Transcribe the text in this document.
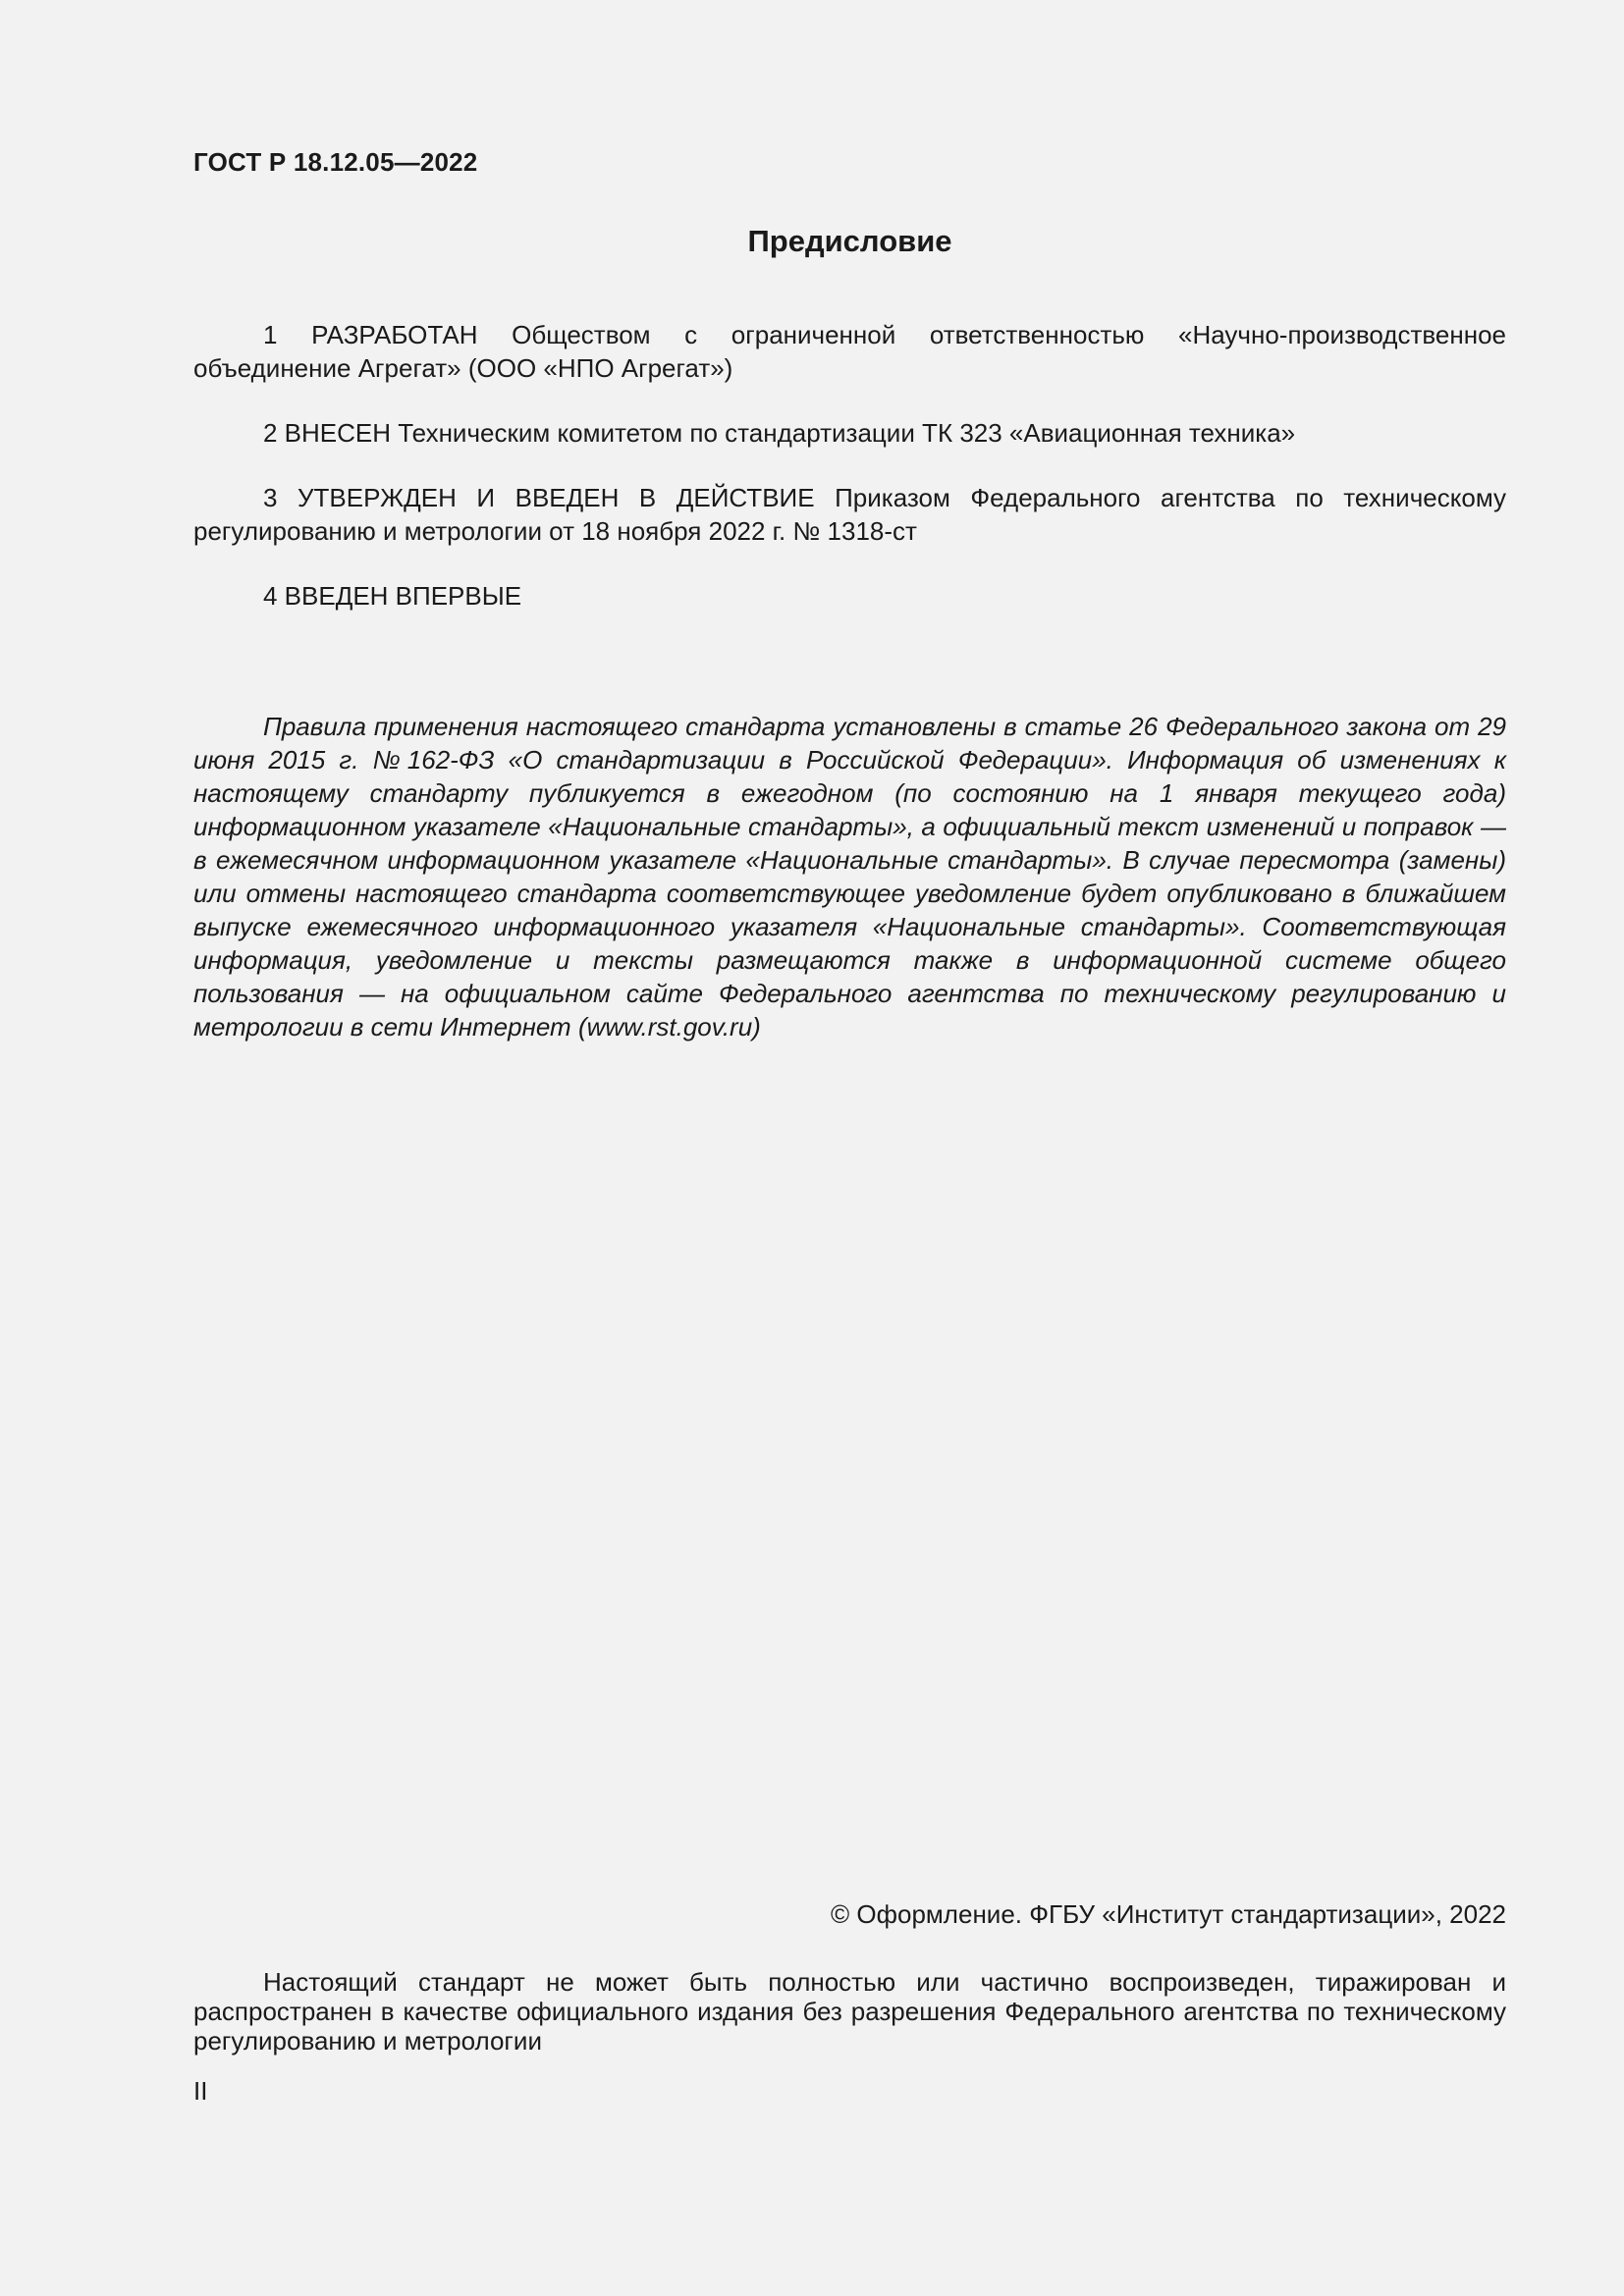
ГОСТ Р 18.12.05—2022
Предисловие

1 РАЗРАБОТАН Обществом с ограниченной ответственностью «Научно-производственное объединение Агрегат» (ООО «НПО Агрегат»)

2 ВНЕСЕН Техническим комитетом по стандартизации ТК 323 «Авиационная техника»

3 УТВЕРЖДЕН И ВВЕДЕН В ДЕЙСТВИЕ Приказом Федерального агентства по техническому регулированию и метрологии от 18 ноября 2022 г. № 1318-ст

4 ВВЕДЕН ВПЕРВЫЕ

Правила применения настоящего стандарта установлены в статье 26 Федерального закона от 29 июня 2015 г. №162-ФЗ «О стандартизации в Российской Федерации». Информация об изменениях к настоящему стандарту публикуется в ежегодном (по состоянию на 1 января текущего года) информационном указателе «Национальные стандарты», а официальный текст изменений и поправок — в ежемесячном информационном указателе «Национальные стандарты». В случае пересмотра (замены) или отмены настоящего стандарта соответствующее уведомление будет опубликовано в ближайшем выпуске ежемесячного информационного указателя «Национальные стандарты». Соответствующая информация, уведомление и тексты размещаются также в информационной системе общего пользования — на официальном сайте Федерального агентства по техническому регулированию и метрологии в сети Интернет (www.rst.gov.ru)

© Оформление. ФГБУ «Институт стандартизации», 2022

Настоящий стандарт не может быть полностью или частично воспроизведен, тиражирован и распространен в качестве официального издания без разрешения Федерального агентства по техническому регулированию и метрологии

II
